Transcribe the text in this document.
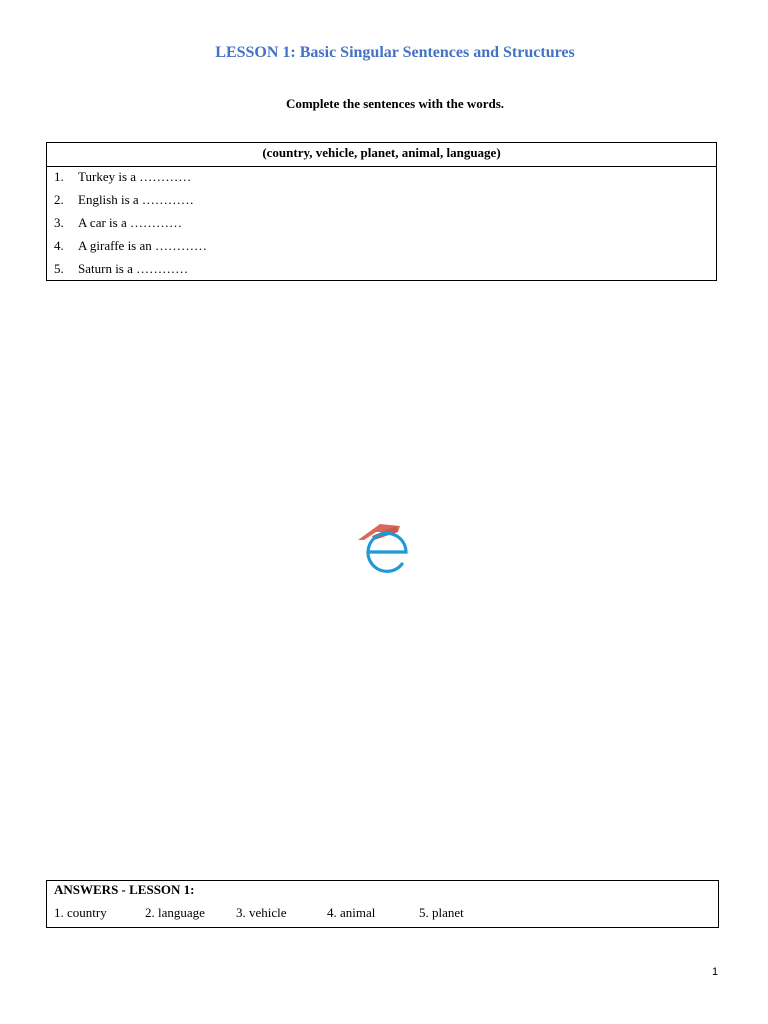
LESSON 1: Basic Singular Sentences and Structures
Complete the sentences with the words.
(country, vehicle, planet, animal, language)
1.	Turkey is a …………
2.	English is a …………
3.	A car is a …………
4.	A giraffe is an …………
5.	Saturn is a …………
ANSWERS - LESSON 1:
1. country	2. language 3. vehicle	4. animal	5. planet
1
